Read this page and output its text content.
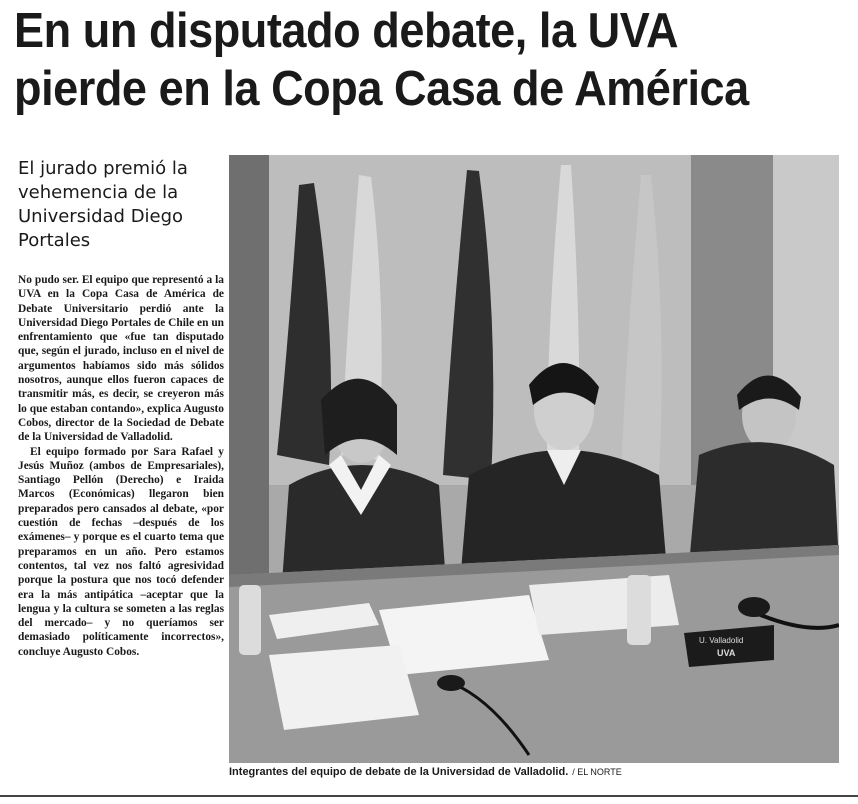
En un disputado debate, la UVA
pierde en la Copa Casa de América
El jurado premió la vehemencia de la Universidad Diego Portales

No pudo ser. El equipo que representó a la UVA en la Copa Casa de América de Debate Universitario perdió ante la Universidad Diego Portales de Chile en un enfrentamiento que «fue tan disputado que, según el jurado, incluso en el nivel de argumentos habíamos sido más sólidos nosotros, aunque ellos fueron capaces de transmitir más, es decir, se creyeron más lo que estaban contando», explica Augusto Cobos, director de la Sociedad de Debate de la Universidad de Valladolid.

El equipo formado por Sara Rafael y Jesús Muñoz (ambos de Empresariales), Santiago Pellón (Derecho) e Iraida Marcos (Económicas) llegaron bien preparados pero cansados al debate, «por cuestión de fechas –después de los exámenes– y porque es el cuarto tema que preparamos en un año. Pero estamos contentos, tal vez nos faltó agresividad porque la postura que nos tocó defender era la más antipática –aceptar que la lengua y la cultura se someten a las reglas del mercado– y no queríamos ser demasiado políticamente incorrectos», concluye Augusto Cobos.

U. Valladolid
UVA
Integrantes del equipo de debate de la Universidad de Valladolid. / EL NORTE
